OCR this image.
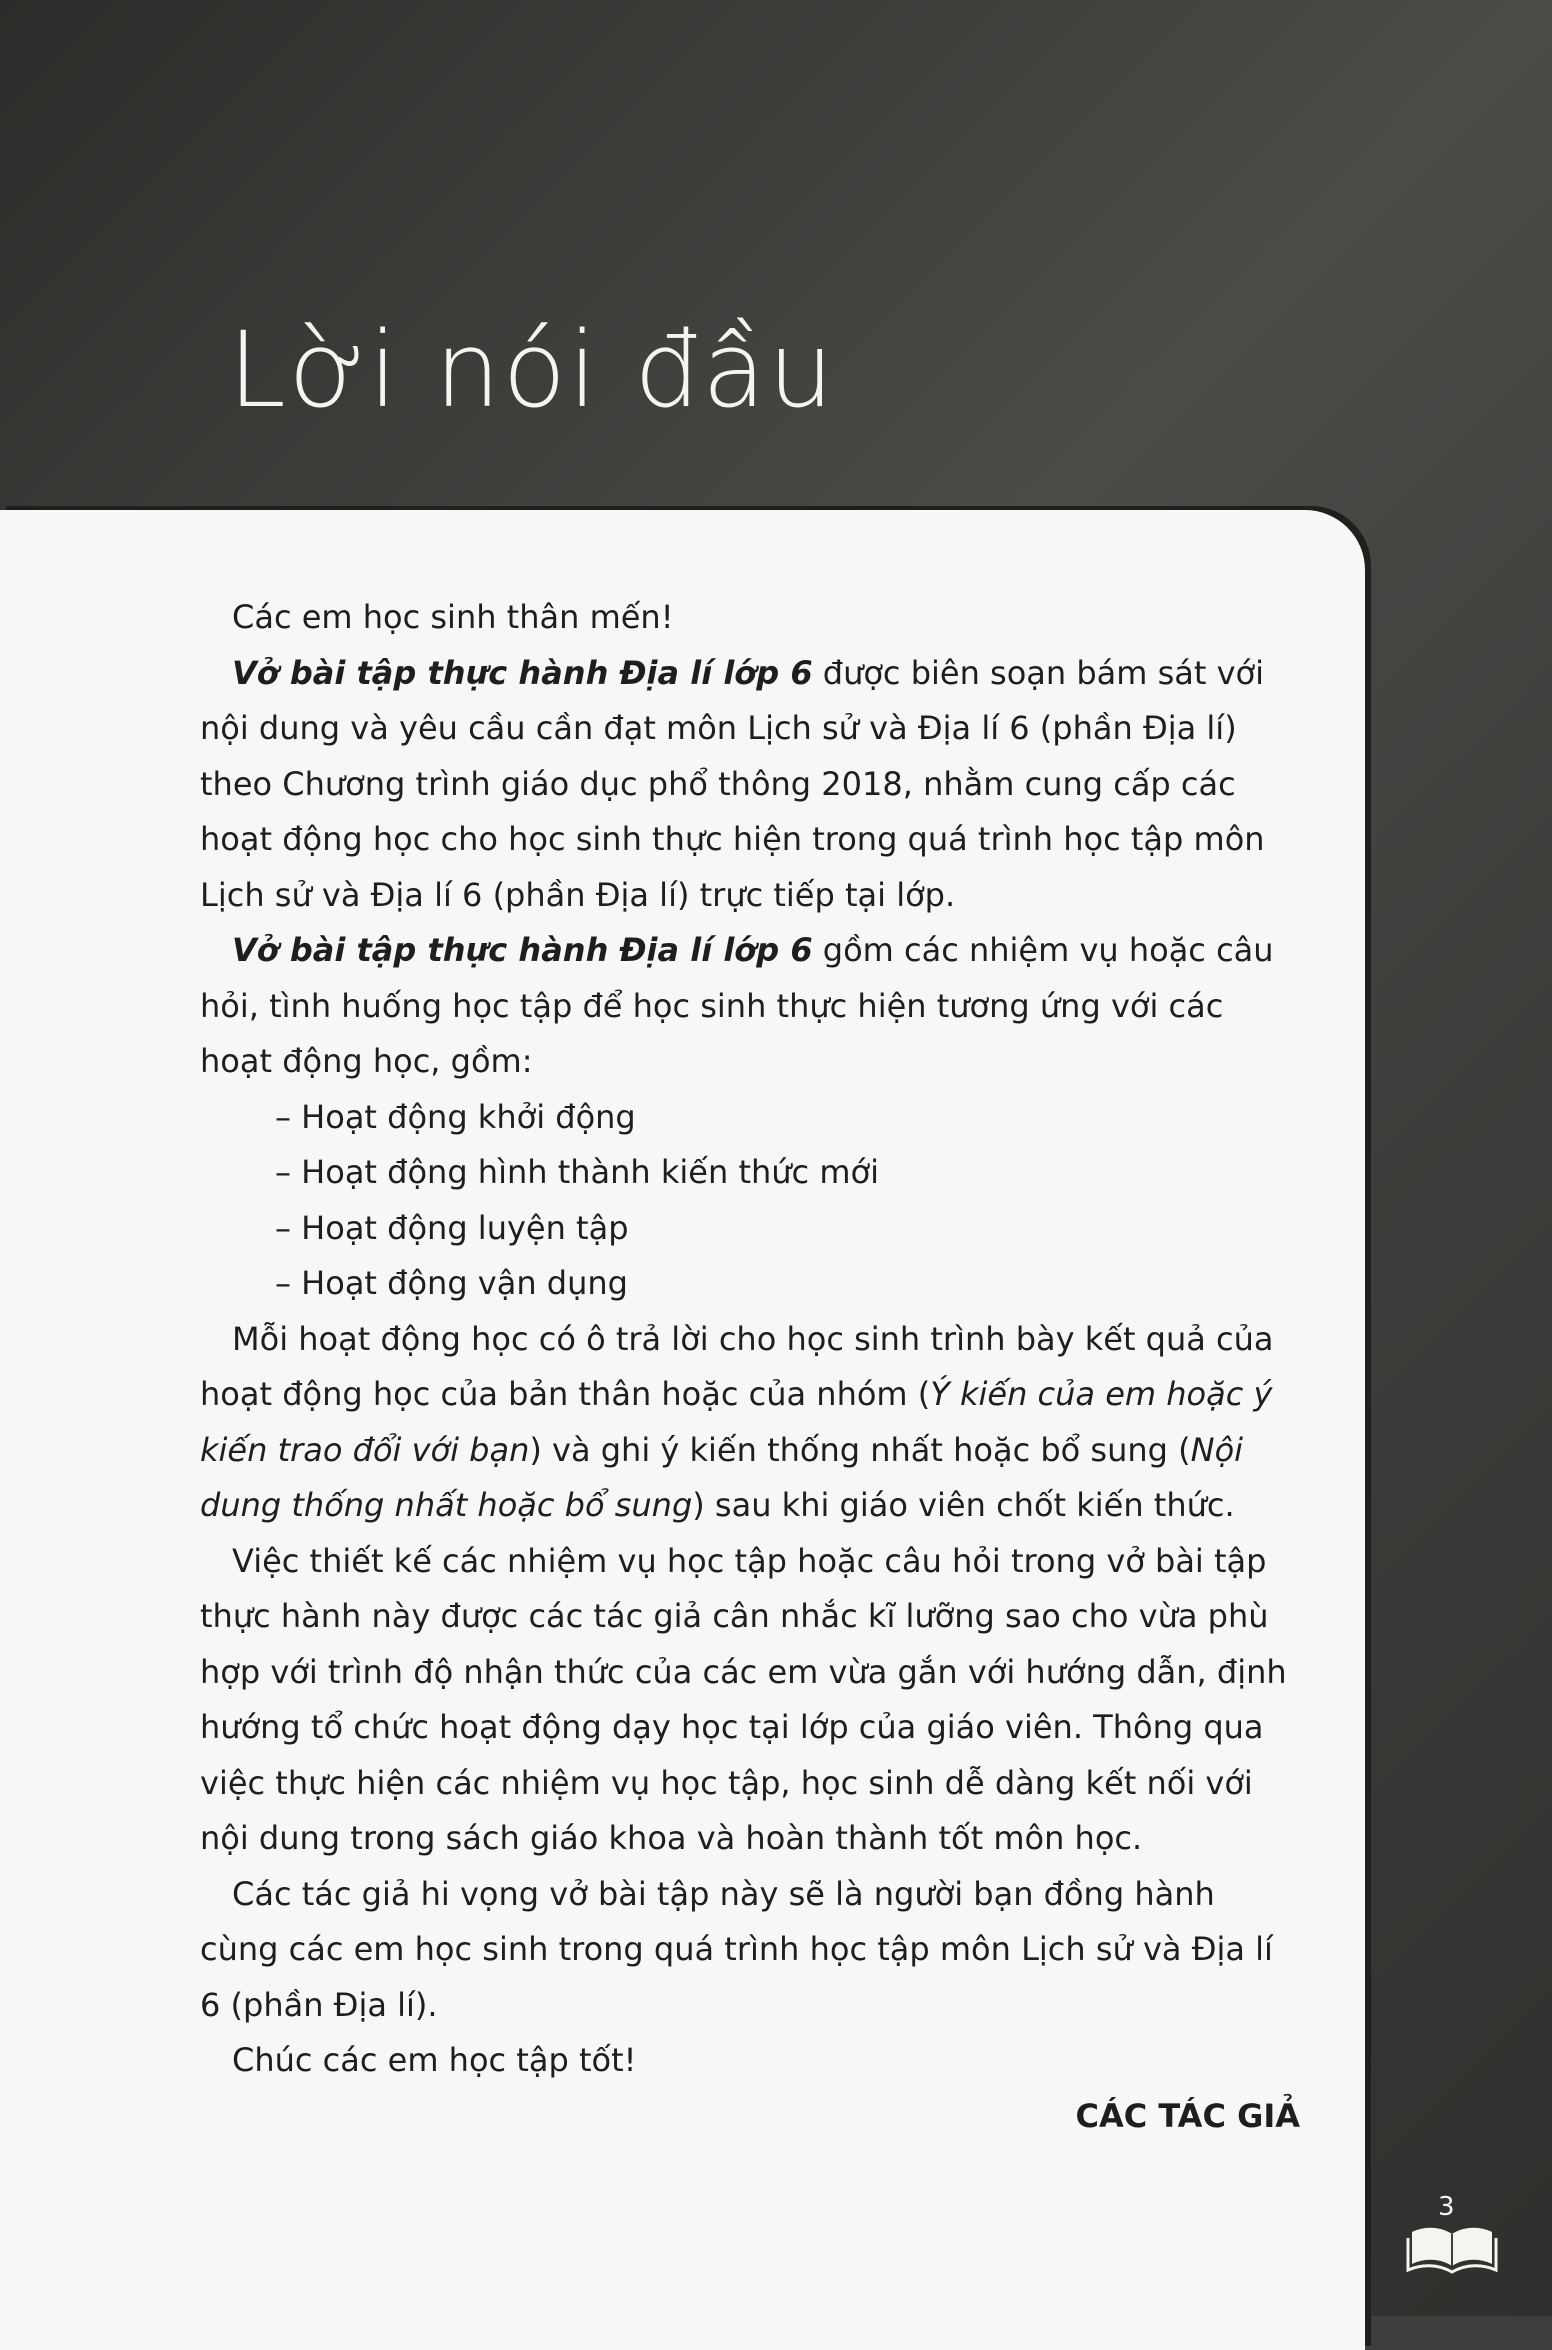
Lời nói đầu

Các em học sinh thân mến!

Vở bài tập thực hành Địa lí lớp 6 được biên soạn bám sát với nội dung và yêu cầu cần đạt môn Lịch sử và Địa lí 6 (phần Địa lí) theo Chương trình giáo dục phổ thông 2018, nhằm cung cấp các hoạt động học cho học sinh thực hiện trong quá trình học tập môn Lịch sử và Địa lí 6 (phần Địa lí) trực tiếp tại lớp.

Vở bài tập thực hành Địa lí lớp 6 gồm các nhiệm vụ hoặc câu hỏi, tình huống học tập để học sinh thực hiện tương ứng với các hoạt động học, gồm:

– Hoạt động khởi động
– Hoạt động hình thành kiến thức mới
– Hoạt động luyện tập
– Hoạt động vận dụng

Mỗi hoạt động học có ô trả lời cho học sinh trình bày kết quả của hoạt động học của bản thân hoặc của nhóm (Ý kiến của em hoặc ý kiến trao đổi với bạn) và ghi ý kiến thống nhất hoặc bổ sung (Nội dung thống nhất hoặc bổ sung) sau khi giáo viên chốt kiến thức.

Việc thiết kế các nhiệm vụ học tập hoặc câu hỏi trong vở bài tập thực hành này được các tác giả cân nhắc kĩ lưỡng sao cho vừa phù hợp với trình độ nhận thức của các em vừa gắn với hướng dẫn, định hướng tổ chức hoạt động dạy học tại lớp của giáo viên. Thông qua việc thực hiện các nhiệm vụ học tập, học sinh dễ dàng kết nối với nội dung trong sách giáo khoa và hoàn thành tốt môn học.

Các tác giả hi vọng vở bài tập này sẽ là người bạn đồng hành cùng các em học sinh trong quá trình học tập môn Lịch sử và Địa lí 6 (phần Địa lí).

Chúc các em học tập tốt!

CÁC TÁC GIẢ

3
